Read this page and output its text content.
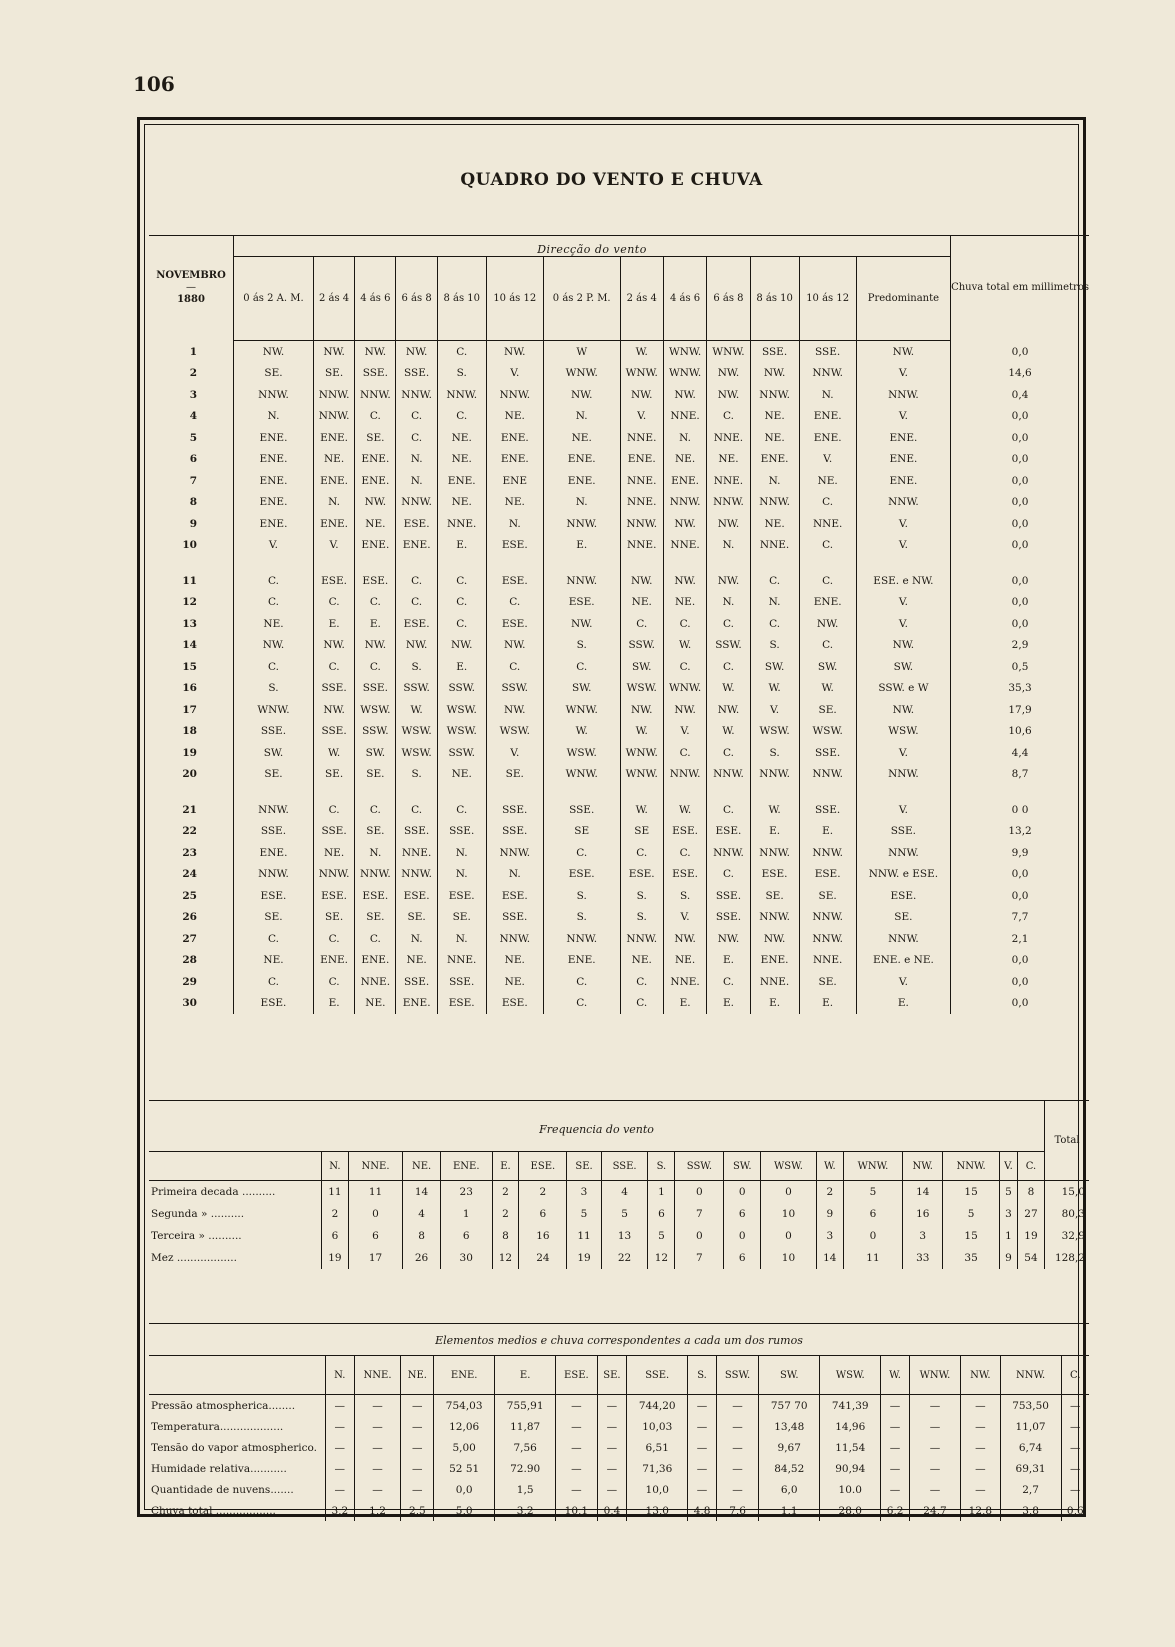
106
QUADRO DO VENTO E CHUVA
NOVEMBRO
—
1880	Direcção do vento													Chuva total em millimetros
	0 ás 2 A. M.	2 ás 4	4 ás 6	6 ás 8	8 ás 10	10 ás 12	0 ás 2 P. M.	2 ás 4	4 ás 6	6 ás 8	8 ás 10	10 ás 12	Predominante	
1	NW.	NW.	NW.	NW.	C.	NW.	W	W.	WNW.	WNW.	SSE.	SSE.	NW.	0,0
2	SE.	SE.	SSE.	SSE.	S.	V.	WNW.	WNW.	WNW.	NW.	NW.	NNW.	V.	14,6
3	NNW.	NNW.	NNW.	NNW.	NNW.	NNW.	NW.	NW.	NW.	NW.	NNW.	N.	NNW.	0,4
4	N.	NNW.	C.	C.	C.	NE.	N.	V.	NNE.	C.	NE.	ENE.	V.	0,0
5	ENE.	ENE.	SE.	C.	NE.	ENE.	NE.	NNE.	N.	NNE.	NE.	ENE.	ENE.	0,0
6	ENE.	NE.	ENE.	N.	NE.	ENE.	ENE.	ENE.	NE.	NE.	ENE.	V.	ENE.	0,0
7	ENE.	ENE.	ENE.	N.	ENE.	ENE	ENE.	NNE.	ENE.	NNE.	N.	NE.	ENE.	0,0
8	ENE.	N.	NW.	NNW.	NE.	NE.	N.	NNE.	NNW.	NNW.	NNW.	C.	NNW.	0,0
9	ENE.	ENE.	NE.	ESE.	NNE.	N.	NNW.	NNW.	NW.	NW.	NE.	NNE.	V.	0,0
10	V.	V.	ENE.	ENE.	E.	ESE.	E.	NNE.	NNE.	N.	NNE.	C.	V.	0,0

11	C.	ESE.	ESE.	C.	C.	ESE.	NNW.	NW.	NW.	NW.	C.	C.	ESE. e NW.	0,0
12	C.	C.	C.	C.	C.	C.	ESE.	NE.	NE.	N.	N.	ENE.	V.	0,0
13	NE.	E.	E.	ESE.	C.	ESE.	NW.	C.	C.	C.	C.	NW.	V.	0,0
14	NW.	NW.	NW.	NW.	NW.	NW.	S.	SSW.	W.	SSW.	S.	C.	NW.	2,9
15	C.	C.	C.	S.	E.	C.	C.	SW.	C.	C.	SW.	SW.	SW.	0,5
16	S.	SSE.	SSE.	SSW.	SSW.	SSW.	SW.	WSW.	WNW.	W.	W.	W.	SSW. e W	35,3
17	WNW.	NW.	WSW.	W.	WSW.	NW.	WNW.	NW.	NW.	NW.	V.	SE.	NW.	17,9
18	SSE.	SSE.	SSW.	WSW.	WSW.	WSW.	W.	W.	V.	W.	WSW.	WSW.	WSW.	10,6
19	SW.	W.	SW.	WSW.	SSW.	V.	WSW.	WNW.	C.	C.	S.	SSE.	V.	4,4
20	SE.	SE.	SE.	S.	NE.	SE.	WNW.	WNW.	NNW.	NNW.	NNW.	NNW.	NNW.	8,7

21	NNW.	C.	C.	C.	C.	SSE.	SSE.	W.	W.	C.	W.	SSE.	V.	0 0
22	SSE.	SSE.	SE.	SSE.	SSE.	SSE.	SE	SE	ESE.	ESE.	E.	E.	SSE.	13,2
23	ENE.	NE.	N.	NNE.	N.	NNW.	C.	C.	C.	NNW.	NNW.	NNW.	NNW.	9,9
24	NNW.	NNW.	NNW.	NNW.	N.	N.	ESE.	ESE.	ESE.	C.	ESE.	ESE.	NNW. e ESE.	0,0
25	ESE.	ESE.	ESE.	ESE.	ESE.	ESE.	S.	S.	S.	SSE.	SE.	SE.	ESE.	0,0
26	SE.	SE.	SE.	SE.	SE.	SSE.	S.	S.	V.	SSE.	NNW.	NNW.	SE.	7,7
27	C.	C.	C.	N.	N.	NNW.	NNW.	NNW.	NW.	NW.	NW.	NNW.	NNW.	2,1
28	NE.	ENE.	ENE.	NE.	NNE.	NE.	ENE.	NE.	NE.	E.	ENE.	NNE.	ENE. e NE.	0,0
29	C.	C.	NNE.	SSE.	SSE.	NE.	C.	C.	NNE.	C.	NNE.	SE.	V.	0,0
30	ESE.	E.	NE.	ENE.	ESE.	ESE.	C.	C.	E.	E.	E.	E.	E.	0,0
Frequencia do vento																			Total
	N.	NNE.	NE.	ENE.	E.	ESE.	SE.	SSE.	S.	SSW.	SW.	WSW.	W.	WNW.	NW.	NNW.	V.	C.	
Primeira decada ..........	11	11	14	23	2	2	3	4	1	0	0	0	2	5	14	15	5	8	15,0
Segunda » ..........	2	0	4	1	2	6	5	5	6	7	6	10	9	6	16	5	3	27	80,3
Terceira » ..........	6	6	8	6	8	16	11	13	5	0	0	0	3	0	3	15	1	19	32,9
Mez ..................	19	17	26	30	12	24	19	22	12	7	6	10	14	11	33	35	9	54	128,2
Elementos medios e chuva correspondentes a cada um dos rumos																	
	N.	NNE.	NE.	ENE.	E.	ESE.	SE.	SSE.	S.	SSW.	SW.	WSW.	W.	WNW.	NW.	NNW.	C.
Pressão atmospherica........	—	—	—	754,03	755,91	—	—	744,20	—	—	757 70	741,39	—	—	—	753,50	—
Temperatura...................	—	—	—	12,06	11,87	—	—	10,03	—	—	13,48	14,96	—	—	—	11,07	—
Tensão do vapor atmospherico.	—	—	—	5,00	7,56	—	—	6,51	—	—	9,67	11,54	—	—	—	6,74	—
Humidade relativa...........	—	—	—	52 51	72.90	—	—	71,36	—	—	84,52	90,94	—	—	—	69,31	—
Quantidade de nuvens.......	—	—	—	0,0	1,5	—	—	10,0	—	—	6,0	10.0	—	—	—	2,7	—
Chuva total ..................	3,2	1,2	2,5	5,0	3,2	10,1	0,4	13,0	4,8	7,6	1,1	28,0	6,2	24,7	12,8	3,8	0,6
